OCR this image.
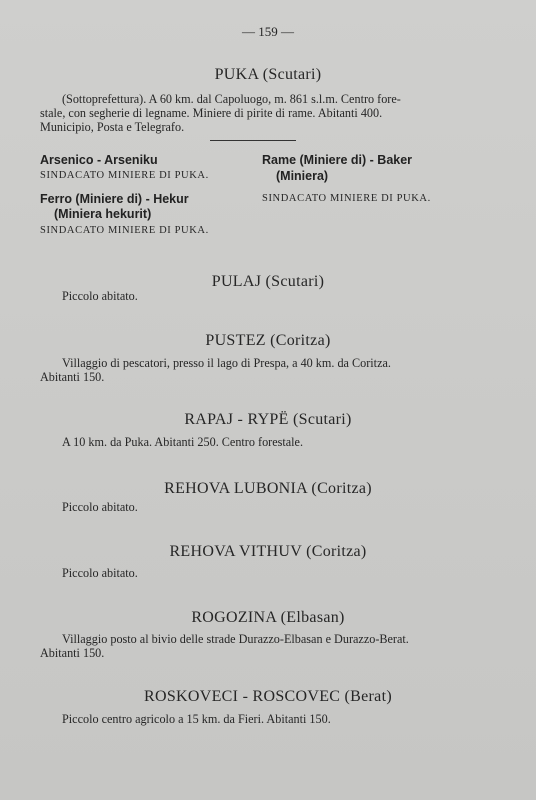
— 159 —
PUKA (Scutari)
(Sottoprefettura). A 60 km. dal Capoluogo, m. 861 s.l.m. Centro fore-
stale, con segherie di legname. Miniere di pirite di rame. Abitanti 400.
Municipio, Posta e Telegrafo.
Arsenico - Arseniku
SINDACATO MINIERE DI PUKA.
Ferro (Miniere di) - Hekur
(Miniera hekurit)
SINDACATO MINIERE DI PUKA.
Rame (Miniere di) - Baker
(Miniera)
SINDACATO MINIERE DI PUKA.
PULAJ (Scutari)
Piccolo abitato.
PUSTEZ (Coritza)
Villaggio di pescatori, presso il lago di Prespa, a 40 km. da Coritza.
Abitanti 150.
RAPAJ - RYPË (Scutari)
A 10 km. da Puka. Abitanti 250. Centro forestale.
REHOVA LUBONIA (Coritza)
Piccolo abitato.
REHOVA VITHUV (Coritza)
Piccolo abitato.
ROGOZINA (Elbasan)
Villaggio posto al bivio delle strade Durazzo-Elbasan e Durazzo-Berat.
Abitanti 150.
ROSKOVECI - ROSCOVEC (Berat)
Piccolo centro agricolo a 15 km. da Fieri. Abitanti 150.
